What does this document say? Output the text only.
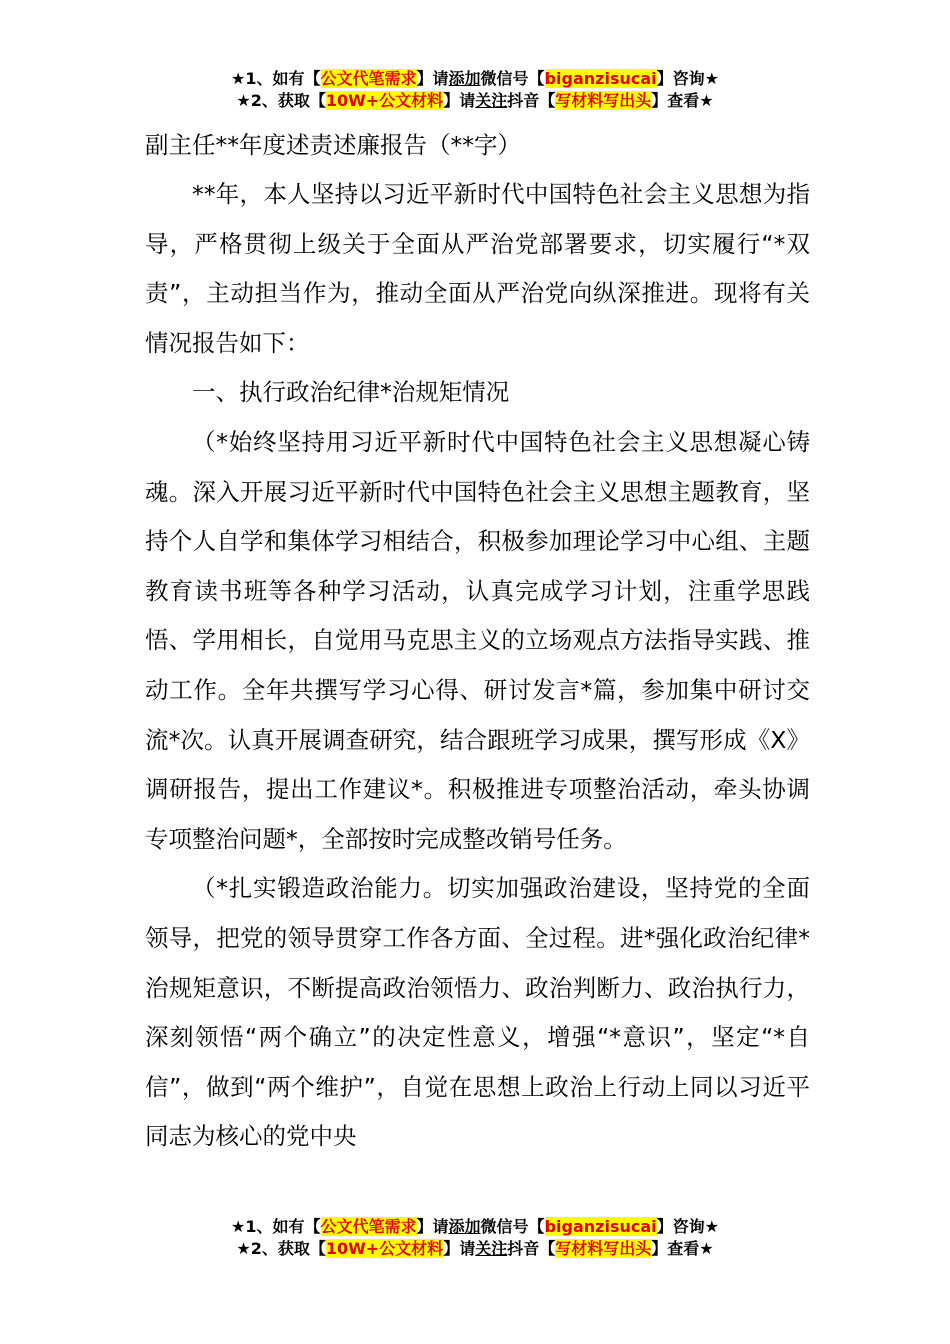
★1、如有【公文代笔需求】请添加微信号【biganzisucai】咨询★
★2、获取【10W+公文材料】请关注抖音【写材料写出头】查看★
副主任**年度述责述廉报告（**字）

**年，本人坚持以习近平新时代中国特色社会主义思想为指导，严格贯彻上级关于全面从严治党部署要求，切实履行“*双责”，主动担当作为，推动全面从严治党向纵深推进。现将有关情况报告如下：

一、执行政治纪律*治规矩情况

（*始终坚持用习近平新时代中国特色社会主义思想凝心铸魂。深入开展习近平新时代中国特色社会主义思想主题教育，坚持个人自学和集体学习相结合，积极参加理论学习中心组、主题教育读书班等各种学习活动，认真完成学习计划，注重学思践悟、学用相长，自觉用马克思主义的立场观点方法指导实践、推动工作。全年共撰写学习心得、研讨发言*篇，参加集中研讨交流*次。认真开展调查研究，结合跟班学习成果，撰写形成《X》调研报告，提出工作建议*。积极推进专项整治活动，牵头协调专项整治问题*，全部按时完成整改销号任务。

（*扎实锻造政治能力。切实加强政治建设，坚持党的全面领导，把党的领导贯穿工作各方面、全过程。进*强化政治纪律*治规矩意识，不断提高政治领悟力、政治判断力、政治执行力，深刻领悟“两个确立”的决定性意义，增强“*意识”，坚定“*自信”，做到“两个维护”，自觉在思想上政治上行动上同以习近平同志为核心的党中央

★1、如有【公文代笔需求】请添加微信号【biganzisucai】咨询★
★2、获取【10W+公文材料】请关注抖音【写材料写出头】查看★
